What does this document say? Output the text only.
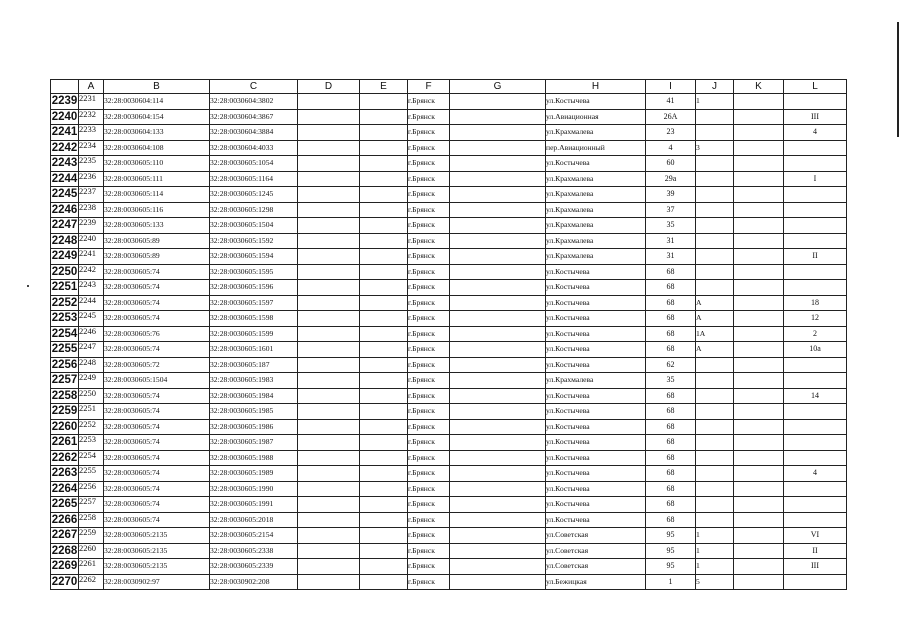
	A	B	C	D	E	F	G	H	I	J	K	L
2239	2231	32:28:0030604:114	32:28:0030604:3802			г.Брянск		ул.Костычева	41	1		
2240	2232	32:28:0030604:154	32:28:0030604:3867			г.Брянск		ул.Авиационная	26А			III
2241	2233	32:28:0030604:133	32:28:0030604:3884			г.Брянск		ул.Крахмалева	23			4
2242	2234	32:28:0030604:108	32:28:0030604:4033			г.Брянск		пер.Авиационный	4	3		
2243	2235	32:28:0030605:110	32:28:0030605:1054			г.Брянск		ул.Костычева	60			
2244	2236	32:28:0030605:111	32:28:0030605:1164			г.Брянск		ул.Крахмалева	29а			I
2245	2237	32:28:0030605:114	32:28:0030605:1245			г.Брянск		ул.Крахмалева	39			
2246	2238	32:28:0030605:116	32:28:0030605:1298			г.Брянск		ул.Крахмалева	37			
2247	2239	32:28:0030605:133	32:28:0030605:1504			г.Брянск		ул.Крахмалева	35			
2248	2240	32:28:0030605:89	32:28:0030605:1592			г.Брянск		ул.Крахмалева	31			
2249	2241	32:28:0030605:89	32:28:0030605:1594			г.Брянск		ул.Крахмалева	31			II
2250	2242	32:28:0030605:74	32:28:0030605:1595			г.Брянск		ул.Костычева	68			
2251	2243	32:28:0030605:74	32:28:0030605:1596			г.Брянск		ул.Костычева	68			
2252	2244	32:28:0030605:74	32:28:0030605:1597			г.Брянск		ул.Костычева	68	А		18
2253	2245	32:28:0030605:74	32:28:0030605:1598			г.Брянск		ул.Костычева	68	А		12
2254	2246	32:28:0030605:76	32:28:0030605:1599			г.Брянск		ул.Костычева	68	1А		2
2255	2247	32:28:0030605:74	32:28:0030605:1601			г.Брянск		ул.Костычева	68	А		10а
2256	2248	32:28:0030605:72	32:28:0030605:187			г.Брянск		ул.Костычева	62			
2257	2249	32:28:0030605:1504	32:28:0030605:1983			г.Брянск		ул.Крахмалева	35			
2258	2250	32:28:0030605:74	32:28:0030605:1984			г.Брянск		ул.Костычева	68			14
2259	2251	32:28:0030605:74	32:28:0030605:1985			г.Брянск		ул.Костычева	68			
2260	2252	32:28:0030605:74	32:28:0030605:1986			г.Брянск		ул.Костычева	68			
2261	2253	32:28:0030605:74	32:28:0030605:1987			г.Брянск		ул.Костычева	68			
2262	2254	32:28:0030605:74	32:28:0030605:1988			г.Брянск		ул.Костычева	68			
2263	2255	32:28:0030605:74	32:28:0030605:1989			г.Брянск		ул.Костычева	68			4
2264	2256	32:28:0030605:74	32:28:0030605:1990			г.Брянск		ул.Костычева	68			
2265	2257	32:28:0030605:74	32:28:0030605:1991			г.Брянск		ул.Костычева	68			
2266	2258	32:28:0030605:74	32:28:0030605:2018			г.Брянск		ул.Костычева	68			
2267	2259	32:28:0030605:2135	32:28:0030605:2154			г.Брянск		ул.Советская	95	1		VI
2268	2260	32:28:0030605:2135	32:28:0030605:2338			г.Брянск		ул.Советская	95	1		II
2269	2261	32:28:0030605:2135	32:28:0030605:2339			г.Брянск		ул.Советская	95	1		III
2270	2262	32:28:0030902:97	32:28:0030902:208			г.Брянск		ул.Бежицкая	1	5		
